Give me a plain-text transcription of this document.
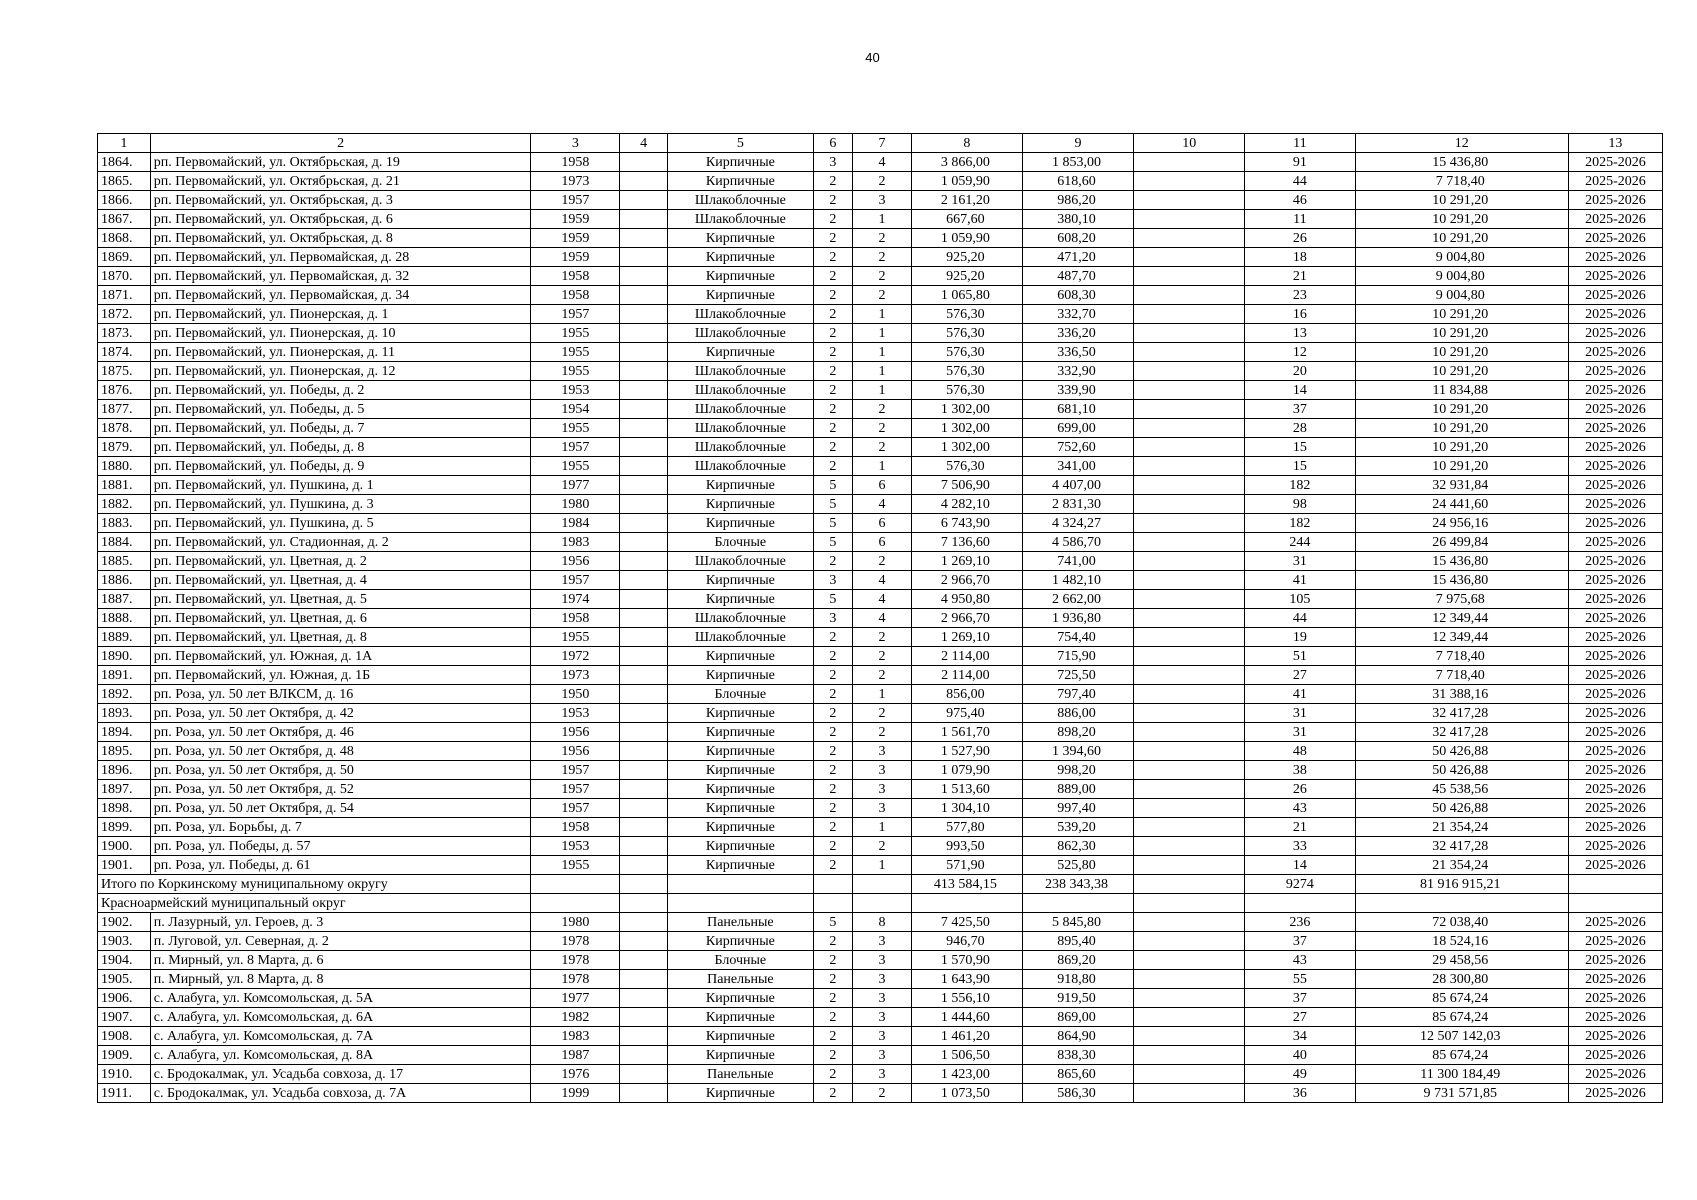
40
1	2	3	4	5	6	7	8	9	10	11	12	13
1864.	рп. Первомайский, ул. Октябрьская, д. 19	1958		Кирпичные	3	4	3 866,00	1 853,00		91	15 436,80	2025-2026
1865.	рп. Первомайский, ул. Октябрьская, д. 21	1973		Кирпичные	2	2	1 059,90	618,60		44	7 718,40	2025-2026
1866.	рп. Первомайский, ул. Октябрьская, д. 3	1957		Шлакоблочные	2	3	2 161,20	986,20		46	10 291,20	2025-2026
1867.	рп. Первомайский, ул. Октябрьская, д. 6	1959		Шлакоблочные	2	1	667,60	380,10		11	10 291,20	2025-2026
1868.	рп. Первомайский, ул. Октябрьская, д. 8	1959		Кирпичные	2	2	1 059,90	608,20		26	10 291,20	2025-2026
1869.	рп. Первомайский, ул. Первомайская, д. 28	1959		Кирпичные	2	2	925,20	471,20		18	9 004,80	2025-2026
1870.	рп. Первомайский, ул. Первомайская, д. 32	1958		Кирпичные	2	2	925,20	487,70		21	9 004,80	2025-2026
1871.	рп. Первомайский, ул. Первомайская, д. 34	1958		Кирпичные	2	2	1 065,80	608,30		23	9 004,80	2025-2026
1872.	рп. Первомайский, ул. Пионерская, д. 1	1957		Шлакоблочные	2	1	576,30	332,70		16	10 291,20	2025-2026
1873.	рп. Первомайский, ул. Пионерская, д. 10	1955		Шлакоблочные	2	1	576,30	336,20		13	10 291,20	2025-2026
1874.	рп. Первомайский, ул. Пионерская, д. 11	1955		Кирпичные	2	1	576,30	336,50		12	10 291,20	2025-2026
1875.	рп. Первомайский, ул. Пионерская, д. 12	1955		Шлакоблочные	2	1	576,30	332,90		20	10 291,20	2025-2026
1876.	рп. Первомайский, ул. Победы, д. 2	1953		Шлакоблочные	2	1	576,30	339,90		14	11 834,88	2025-2026
1877.	рп. Первомайский, ул. Победы, д. 5	1954		Шлакоблочные	2	2	1 302,00	681,10		37	10 291,20	2025-2026
1878.	рп. Первомайский, ул. Победы, д. 7	1955		Шлакоблочные	2	2	1 302,00	699,00		28	10 291,20	2025-2026
1879.	рп. Первомайский, ул. Победы, д. 8	1957		Шлакоблочные	2	2	1 302,00	752,60		15	10 291,20	2025-2026
1880.	рп. Первомайский, ул. Победы, д. 9	1955		Шлакоблочные	2	1	576,30	341,00		15	10 291,20	2025-2026
1881.	рп. Первомайский, ул. Пушкина, д. 1	1977		Кирпичные	5	6	7 506,90	4 407,00		182	32 931,84	2025-2026
1882.	рп. Первомайский, ул. Пушкина, д. 3	1980		Кирпичные	5	4	4 282,10	2 831,30		98	24 441,60	2025-2026
1883.	рп. Первомайский, ул. Пушкина, д. 5	1984		Кирпичные	5	6	6 743,90	4 324,27		182	24 956,16	2025-2026
1884.	рп. Первомайский, ул. Стадионная, д. 2	1983		Блочные	5	6	7 136,60	4 586,70		244	26 499,84	2025-2026
1885.	рп. Первомайский, ул. Цветная, д. 2	1956		Шлакоблочные	2	2	1 269,10	741,00		31	15 436,80	2025-2026
1886.	рп. Первомайский, ул. Цветная, д. 4	1957		Кирпичные	3	4	2 966,70	1 482,10		41	15 436,80	2025-2026
1887.	рп. Первомайский, ул. Цветная, д. 5	1974		Кирпичные	5	4	4 950,80	2 662,00		105	7 975,68	2025-2026
1888.	рп. Первомайский, ул. Цветная, д. 6	1958		Шлакоблочные	3	4	2 966,70	1 936,80		44	12 349,44	2025-2026
1889.	рп. Первомайский, ул. Цветная, д. 8	1955		Шлакоблочные	2	2	1 269,10	754,40		19	12 349,44	2025-2026
1890.	рп. Первомайский, ул. Южная, д. 1А	1972		Кирпичные	2	2	2 114,00	715,90		51	7 718,40	2025-2026
1891.	рп. Первомайский, ул. Южная, д. 1Б	1973		Кирпичные	2	2	2 114,00	725,50		27	7 718,40	2025-2026
1892.	рп. Роза, ул. 50 лет ВЛКСМ, д. 16	1950		Блочные	2	1	856,00	797,40		41	31 388,16	2025-2026
1893.	рп. Роза, ул. 50 лет Октября, д. 42	1953		Кирпичные	2	2	975,40	886,00		31	32 417,28	2025-2026
1894.	рп. Роза, ул. 50 лет Октября, д. 46	1956		Кирпичные	2	2	1 561,70	898,20		31	32 417,28	2025-2026
1895.	рп. Роза, ул. 50 лет Октября, д. 48	1956		Кирпичные	2	3	1 527,90	1 394,60		48	50 426,88	2025-2026
1896.	рп. Роза, ул. 50 лет Октября, д. 50	1957		Кирпичные	2	3	1 079,90	998,20		38	50 426,88	2025-2026
1897.	рп. Роза, ул. 50 лет Октября, д. 52	1957		Кирпичные	2	3	1 513,60	889,00		26	45 538,56	2025-2026
1898.	рп. Роза, ул. 50 лет Октября, д. 54	1957		Кирпичные	2	3	1 304,10	997,40		43	50 426,88	2025-2026
1899.	рп. Роза, ул. Борьбы, д. 7	1958		Кирпичные	2	1	577,80	539,20		21	21 354,24	2025-2026
1900.	рп. Роза, ул. Победы, д. 57	1953		Кирпичные	2	2	993,50	862,30		33	32 417,28	2025-2026
1901.	рп. Роза, ул. Победы, д. 61	1955		Кирпичные	2	1	571,90	525,80		14	21 354,24	2025-2026
Итого по Коркинскому муниципальному округу							413 584,15	238 343,38		9274	81 916 915,21	
Красноармейский муниципальный округ												
1902.	п. Лазурный, ул. Героев, д. 3	1980		Панельные	5	8	7 425,50	5 845,80		236	72 038,40	2025-2026
1903.	п. Луговой, ул. Северная, д. 2	1978		Кирпичные	2	3	946,70	895,40		37	18 524,16	2025-2026
1904.	п. Мирный, ул. 8 Марта, д. 6	1978		Блочные	2	3	1 570,90	869,20		43	29 458,56	2025-2026
1905.	п. Мирный, ул. 8 Марта, д. 8	1978		Панельные	2	3	1 643,90	918,80		55	28 300,80	2025-2026
1906.	с. Алабуга, ул. Комсомольская, д. 5А	1977		Кирпичные	2	3	1 556,10	919,50		37	85 674,24	2025-2026
1907.	с. Алабуга, ул. Комсомольская, д. 6А	1982		Кирпичные	2	3	1 444,60	869,00		27	85 674,24	2025-2026
1908.	с. Алабуга, ул. Комсомольская, д. 7А	1983		Кирпичные	2	3	1 461,20	864,90		34	12 507 142,03	2025-2026
1909.	с. Алабуга, ул. Комсомольская, д. 8А	1987		Кирпичные	2	3	1 506,50	838,30		40	85 674,24	2025-2026
1910.	с. Бродокалмак, ул. Усадьба совхоза, д. 17	1976		Панельные	2	3	1 423,00	865,60		49	11 300 184,49	2025-2026
1911.	с. Бродокалмак, ул. Усадьба совхоза, д. 7А	1999		Кирпичные	2	2	1 073,50	586,30		36	9 731 571,85	2025-2026
